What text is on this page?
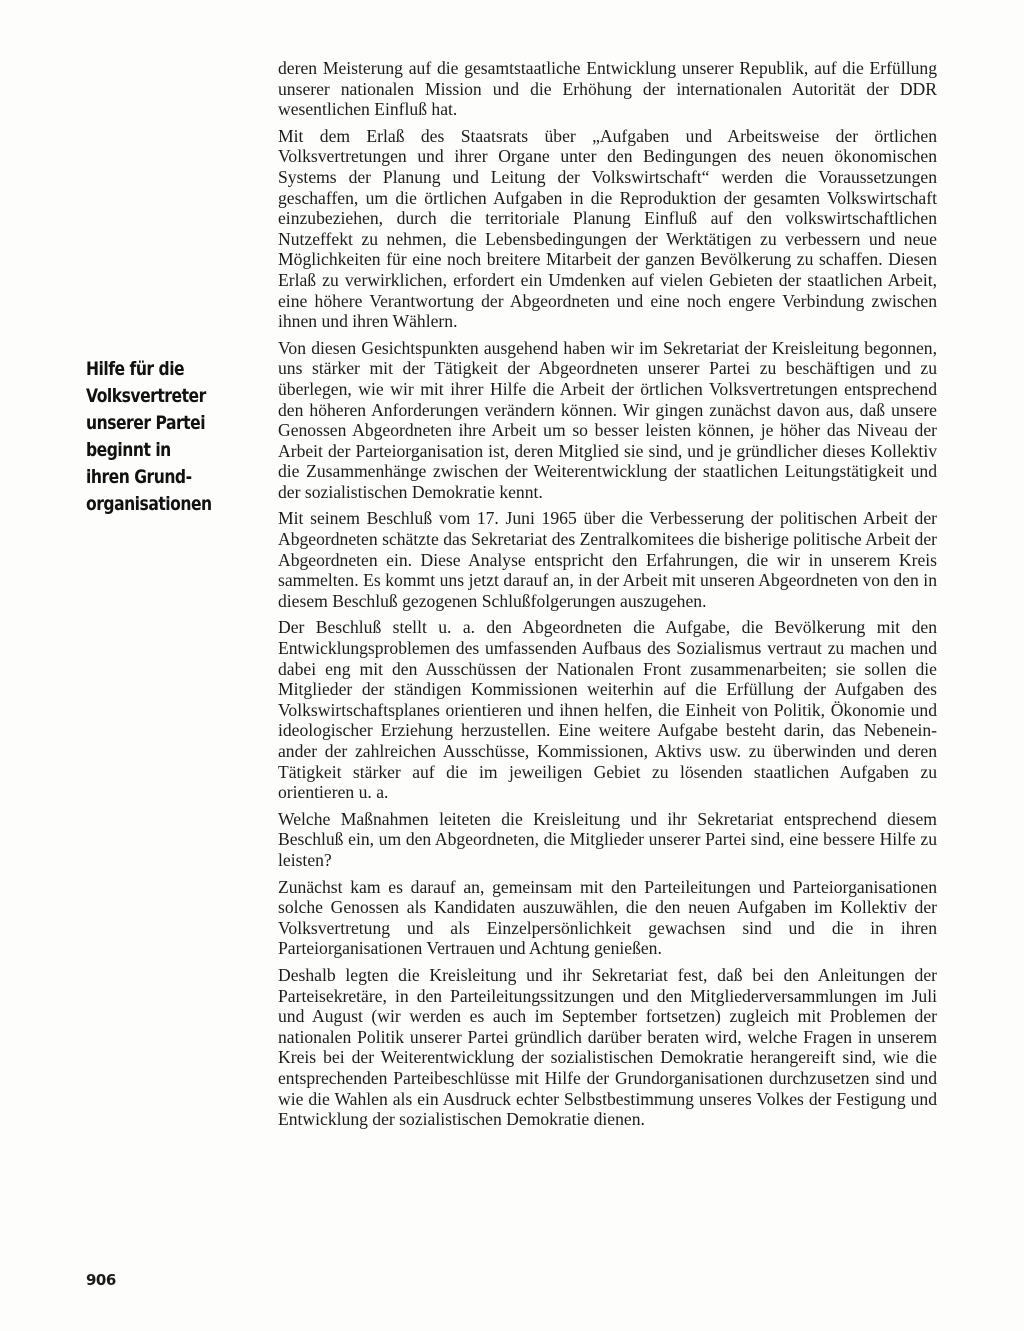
Hilfe für die
Volksvertreter
unserer Partei
beginnt in
ihren Grund-
organisationen

deren Meisterung auf die gesamtstaatliche Entwicklung unserer Republik, auf die Erfüllung unserer nationalen Mission und die Erhöhung der internationalen Autorität der DDR wesentlichen Einfluß hat.

Mit dem Erlaß des Staatsrats über „Aufgaben und Arbeitsweise der örtlichen Volksvertretungen und ihrer Organe unter den Bedingungen des neuen ökonomischen Systems der Planung und Leitung der Volkswirtschaft“ werden die Voraussetzungen geschaffen, um die örtlichen Aufgaben in die Reproduktion der gesamten Volkswirtschaft einzubeziehen, durch die territoriale Planung Einfluß auf den volkswirtschaftlichen Nutzeffekt zu nehmen, die Lebensbedingungen der Werktätigen zu verbessern und neue Möglichkeiten für eine noch breitere Mitarbeit der ganzen Bevölkerung zu schaffen. Diesen Erlaß zu verwirklichen, erfordert ein Umdenken auf vielen Gebieten der staatlichen Arbeit, eine höhere Verantwortung der Abgeordneten und eine noch engere Verbindung zwischen ihnen und ihren Wählern.

Von diesen Gesichtspunkten ausgehend haben wir im Sekretariat der Kreisleitung begonnen, uns stärker mit der Tätigkeit der Abgeordneten unserer Partei zu beschäftigen und zu überlegen, wie wir mit ihrer Hilfe die Arbeit der örtlichen Volksvertretungen entsprechend den höheren Anforderungen verändern können. Wir gingen zunächst davon aus, daß unsere Genossen Abgeordneten ihre Arbeit um so besser leisten können, je höher das Niveau der Arbeit der Parteiorganisation ist, deren Mitglied sie sind, und je gründlicher dieses Kollektiv die Zusammenhänge zwischen der Weiterentwicklung der staatlichen Leitungstätigkeit und der sozialistischen Demokratie kennt.

Mit seinem Beschluß vom 17. Juni 1965 über die Verbesserung der politischen Arbeit der Abgeordneten schätzte das Sekretariat des Zentralkomitees die bisherige politische Arbeit der Abgeordneten ein. Diese Analyse entspricht den Erfahrungen, die wir in unserem Kreis sammelten. Es kommt uns jetzt darauf an, in der Arbeit mit unseren Abgeordneten von den in diesem Beschluß gezogenen Schlußfolgerungen auszugehen.

Der Beschluß stellt u. a. den Abgeordneten die Aufgabe, die Bevölkerung mit den Entwicklungsproblemen des umfassenden Aufbaus des Sozialismus vertraut zu machen und dabei eng mit den Ausschüssen der Nationalen Front zusammenarbeiten; sie sollen die Mitglieder der ständigen Kommissionen weiterhin auf die Erfüllung der Aufgaben des Volkswirtschaftsplanes orientieren und ihnen helfen, die Einheit von Politik, Ökonomie und ideologischer Erziehung herzustellen. Eine weitere Aufgabe besteht darin, das Nebeneinander der zahlreichen Ausschüsse, Kommissionen, Aktivs usw. zu überwinden und deren Tätigkeit stärker auf die im jeweiligen Gebiet zu lösenden staatlichen Aufgaben zu orientieren u. a.

Welche Maßnahmen leiteten die Kreisleitung und ihr Sekretariat entsprechend diesem Beschluß ein, um den Abgeordneten, die Mitglieder unserer Partei sind, eine bessere Hilfe zu leisten?

Zunächst kam es darauf an, gemeinsam mit den Parteileitungen und Parteiorganisationen solche Genossen als Kandidaten auszuwählen, die den neuen Aufgaben im Kollektiv der Volksvertretung und als Einzelpersönlichkeit gewachsen sind und die in ihren Parteiorganisationen Vertrauen und Achtung genießen.

Deshalb legten die Kreisleitung und ihr Sekretariat fest, daß bei den Anleitungen der Parteisekretäre, in den Parteileitungssitzungen und den Mitgliederversammlungen im Juli und August (wir werden es auch im September fortsetzen) zugleich mit Problemen der nationalen Politik unserer Partei gründlich darüber beraten wird, welche Fragen in unserem Kreis bei der Weiterentwicklung der sozialistischen Demokratie herangereift sind, wie die entsprechenden Parteibeschlüsse mit Hilfe der Grundorganisationen durchzusetzen sind und wie die Wahlen als ein Ausdruck echter Selbstbestimmung unseres Volkes der Festigung und Entwicklung der sozialistischen Demokratie dienen.

906
